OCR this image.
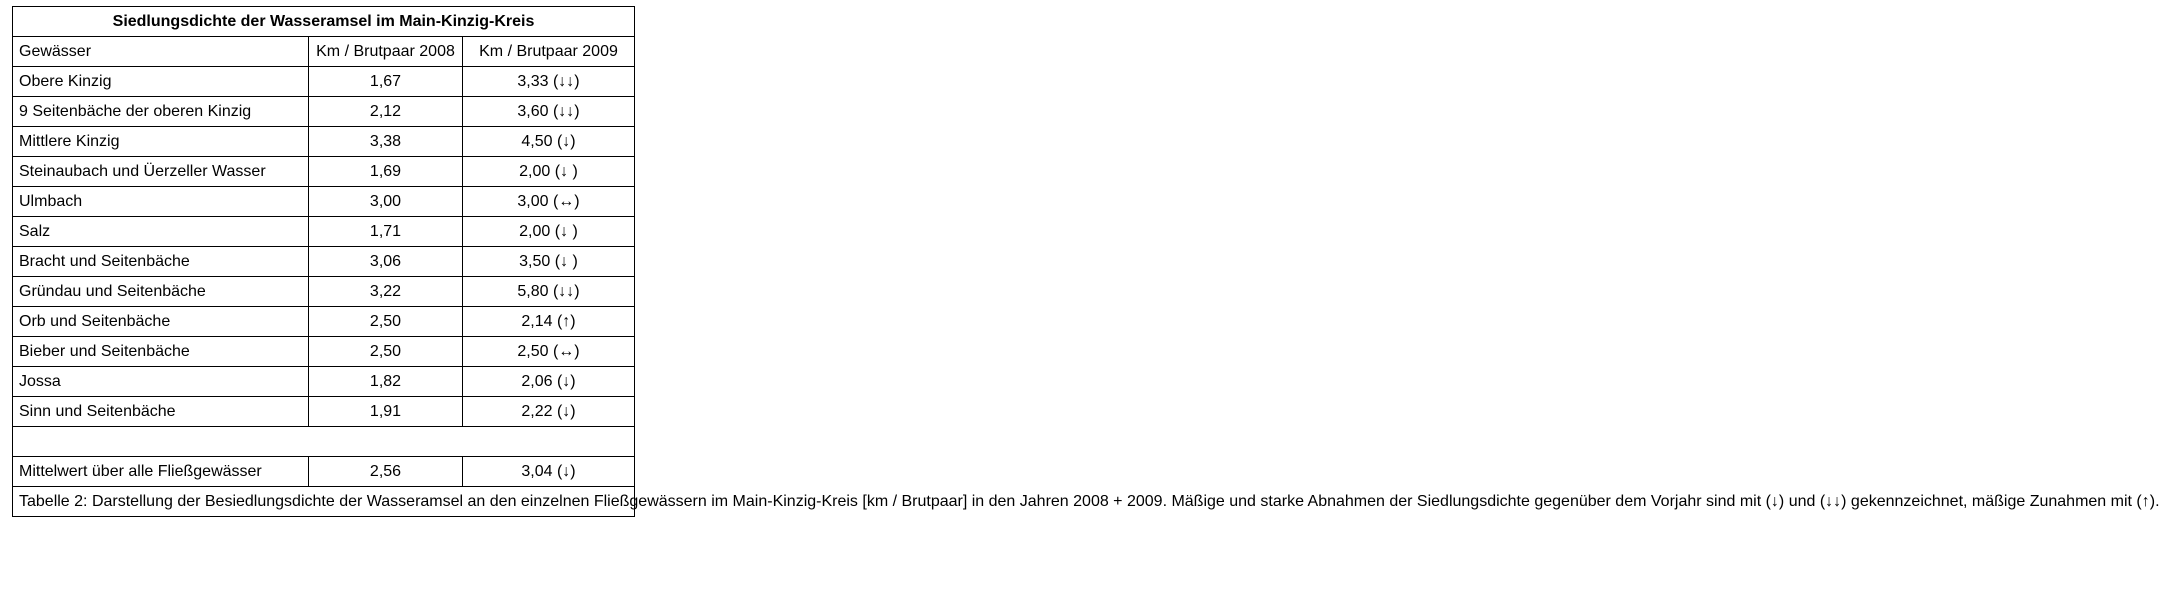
Siedlungsdichte der Wasseramsel im Main-Kinzig-Kreis		
Gewässer	Km / Brutpaar 2008	Km / Brutpaar 2009
Obere Kinzig	1,67	3,33 (↓↓)
9 Seitenbäche der oberen Kinzig	2,12	3,60 (↓↓)
Mittlere Kinzig	3,38	4,50 (↓)
Steinaubach und Üerzeller Wasser	1,69	2,00 (↓ )
Ulmbach	3,00	3,00 (↔)
Salz	1,71	2,00 (↓ )
Bracht und Seitenbäche	3,06	3,50 (↓ )
Gründau und Seitenbäche	3,22	5,80 (↓↓)
Orb und Seitenbäche	2,50	2,14 (↑)
Bieber und Seitenbäche	2,50	2,50 (↔)
Jossa	1,82	2,06 (↓)
Sinn und Seitenbäche	1,91	2,22 (↓)

Mittelwert über alle Fließgewässer	2,56	3,04 (↓)
Tabelle 2: Darstellung der Besiedlungsdichte der Wasseramsel an den einzelnen Fließgewässern im Main-Kinzig-Kreis [km / Brutpaar] in den Jahren 2008 + 2009. Mäßige und starke Abnahmen der Siedlungsdichte gegenüber dem Vorjahr sind mit (↓) und (↓↓) gekennzeichnet, mäßige Zunahmen mit (↑).		
